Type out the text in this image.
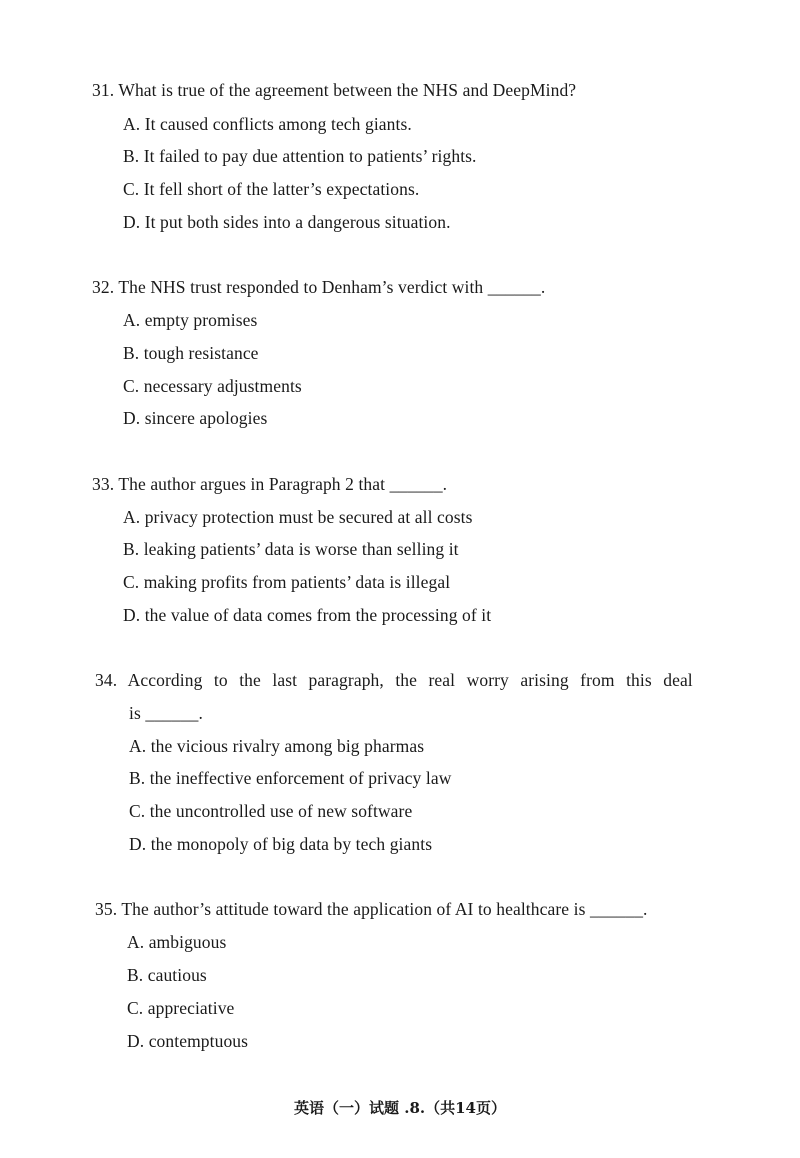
31. What is true of the agreement between the NHS and DeepMind?
A. It caused conflicts among tech giants.
B. It failed to pay due attention to patients’ rights.
C. It fell short of the latter’s expectations.
D. It put both sides into a dangerous situation.
32. The NHS trust responded to Denham’s verdict with ______.
A. empty promises
B. tough resistance
C. necessary adjustments
D. sincere apologies
33. The author argues in Paragraph 2 that ______.
A. privacy protection must be secured at all costs
B. leaking patients’ data is worse than selling it
C. making profits from patients’ data is illegal
D. the value of data comes from the processing of it
34. According to the last paragraph, the real worry arising from this deal
is ______.
A. the vicious rivalry among big pharmas
B. the ineffective enforcement of privacy law
C. the uncontrolled use of new software
D. the monopoly of big data by tech giants
35. The author’s attitude toward the application of AI to healthcare is ______.
A. ambiguous
B. cautious
C. appreciative
D. contemptuous
英语（一）试题 .8.（共14页）
